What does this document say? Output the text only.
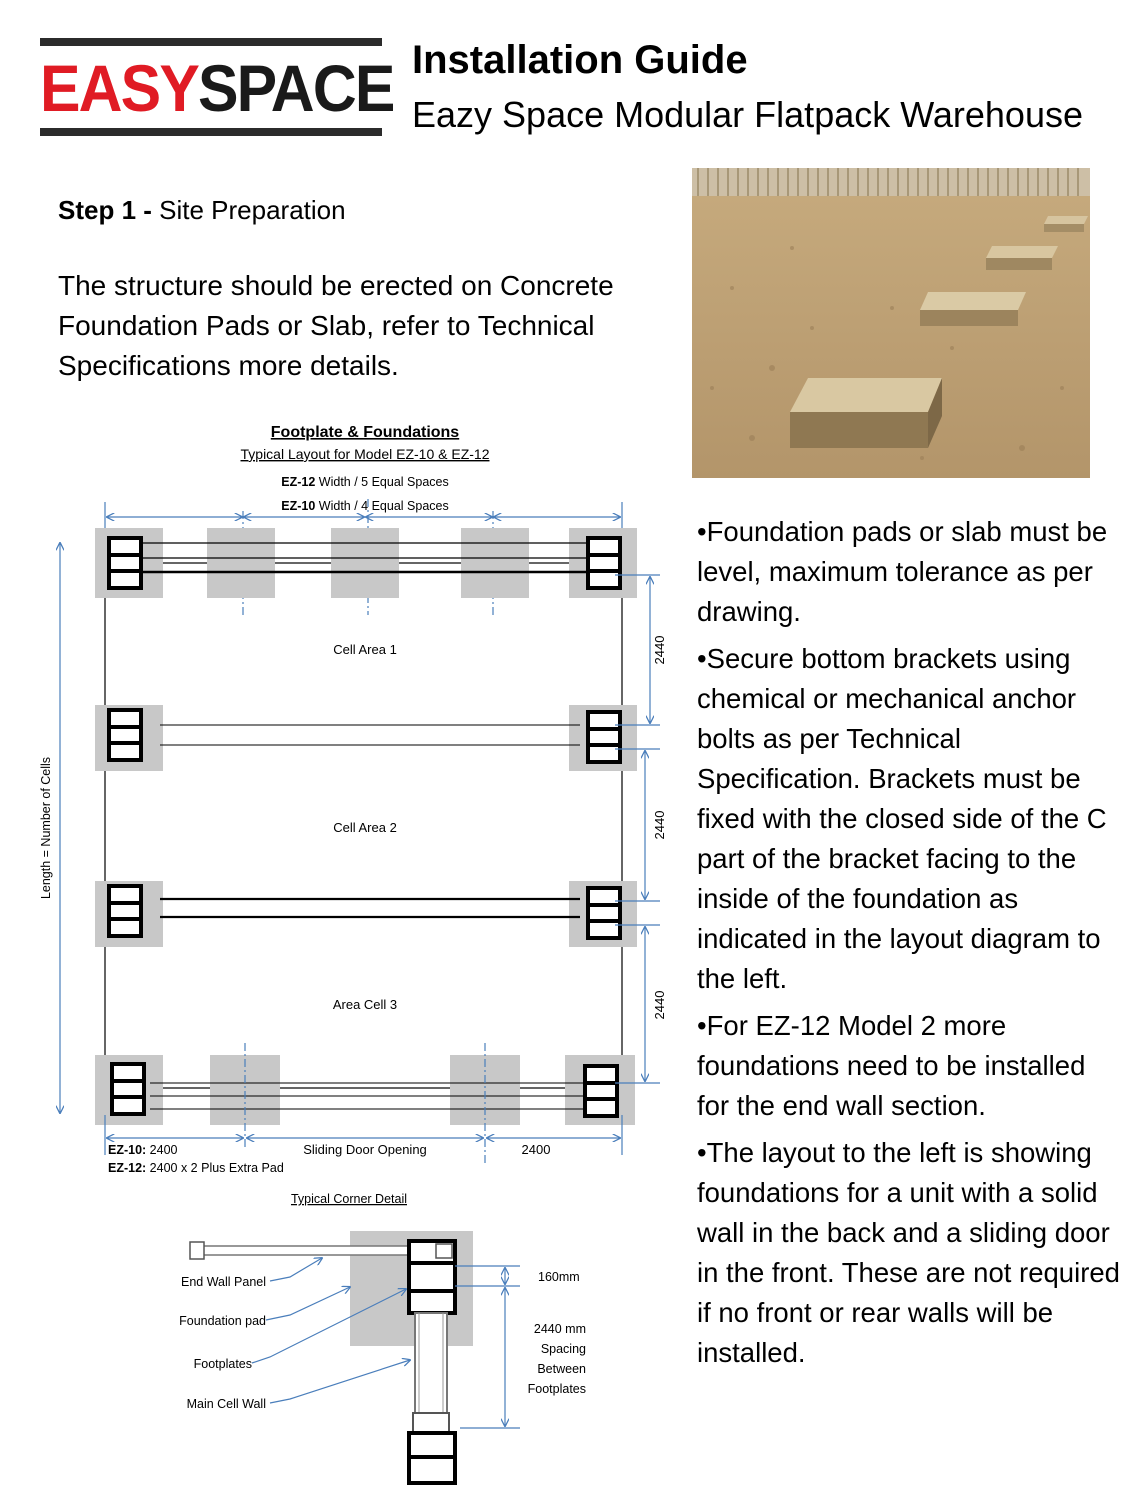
EASYSPACE Installation Guide
Eazy Space Modular Flatpack Warehouse
Step 1 - Site Preparation
The structure should be erected on Concrete Foundation Pads or Slab, refer to Technical Specifications more details.

•Foundation pads or slab must be level, maximum tolerance as per drawing.

•Secure bottom brackets using chemical or mechanical anchor bolts as per Technical Specification. Brackets must be fixed with the closed side of the C part of the bracket facing to the inside of the foundation as indicated in the layout diagram to the left.

•For EZ-12 Model 2 more foundations need to be installed for the end wall section.

•The layout to the left is showing foundations for a unit with a solid wall in the back and a sliding door in the front. These are not required if no front or rear walls will be installed.

Footplate & Foundations
Typical Layout for Model EZ-10 & EZ-12
EZ-12 Width / 5 Equal Spaces
EZ-10 Width / 4 Equal Spaces
2440
2440
2440
Length = Number of Cells
Cell Area 1
Cell Area 2
Area Cell 3
EZ-10: 2400	Sliding Door Opening	2400
EZ-12: 2400 x 2 Plus Extra Pad
Typical Corner Detail
End Wall Panel
Foundation pad
Footplates
Main Cell Wall
160mm
2440 mm
Spacing
Between
Footplates
